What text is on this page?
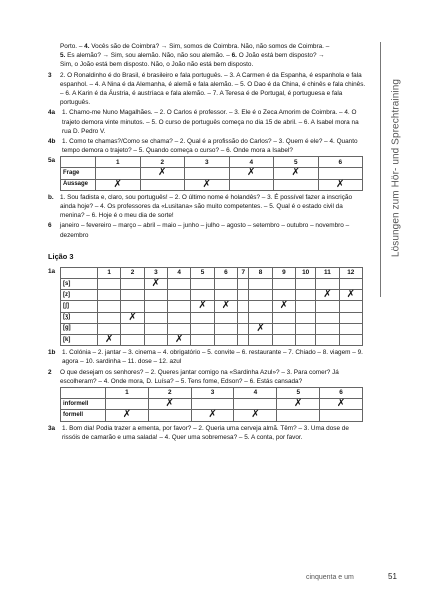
Lösungen zum Hör- und Sprechtraining
Porto. – 4. Vocês são de Coimbra? → Sim, somos de Coimbra. Não, não somos de Coimbra. –
5. Es alemão? → Sim, sou alemão. Não, não sou alemão. – 6. O João está bem disposto? →
Sim, o João está bem disposto. Não, o João não está bem disposto.
3	2. O Ronaldinho é do Brasil, é brasileiro e fala português. – 3. A Carmen é da Espanha, é espanhola e fala espanhol. – 4. A Nina é da Alemanha, é alemã e fala alemão. – 5. O Dao é da China, é chinês e fala chinês. – 6. A Karin é da Áustria, é austríaca e fala alemão. – 7. A Teresa é de Portugal, é portuguesa e fala português.
4a	1. Chamo-me Nuno Magalhães. – 2. O Carlos é professor. – 3. Ele é o Zeca Amorim de Coimbra. – 4. O trajeto demora vinte minutos. – 5. O curso de português começa no dia 15 de abril. – 6. A Isabel mora na rua D. Pedro V.
4b	1. Como te chamas?/Como se chama? – 2. Qual é a profissão do Carlos? – 3. Quem é ele? – 4. Quanto tempo demora o trajeto? – 5. Quando começa o curso? – 6. Onde mora a Isabel?
5a
		1	2	3	4	5	6
Frage		✗		✗	✗	
Aussage	✗		✗			✗
b. 1. Sou fadista e, claro, sou português! – 2. O último nome é holandês? – 3. É possível fazer a inscrição ainda hoje? – 4. Os professores da «Lusitana» são muito competentes. – 5. Qual é o estado civil da menina? – 6. Hoje é o meu dia de sorte!
6	janeiro – fevereiro – março – abril – maio – junho – julho – agosto – setembro – outubro – novembro – dezembro
Lição 3
1a
		1	2	3	4	5	6	7	8	9	10	11	12
[s]			✗									
[z]											✗	✗
[ʃ]					✗	✗			✗			
[ʒ]		✗										
[g]								✗				
[k]	✗			✗								
1b	1. Colónia – 2. jantar – 3. cinema – 4. obrigatório – 5. convite – 6. restaurante – 7. Chiado – 8. viagem – 9. agora – 10. sardinha – 11. dose – 12. azul
2	O que desejam os senhores? – 2. Queres jantar comigo na «Sardinha Azul»? – 3. Para comer? Já escolheram? – 4. Onde mora, D. Luísa? – 5. Tens fome, Edson? – 6. Estás cansada?
	1	2	3	4	5	6
informell		✗			✗	✗
formell	✗		✗	✗		
3a	1. Bom dia! Podia trazer a ementa, por favor? – 2. Queria uma cerveja almã. Têm? – 3. Uma dose de rissóis de camarão e uma salada! – 4. Quer uma sobremesa? – 5. A conta, por favor.
cinquenta e um	51
